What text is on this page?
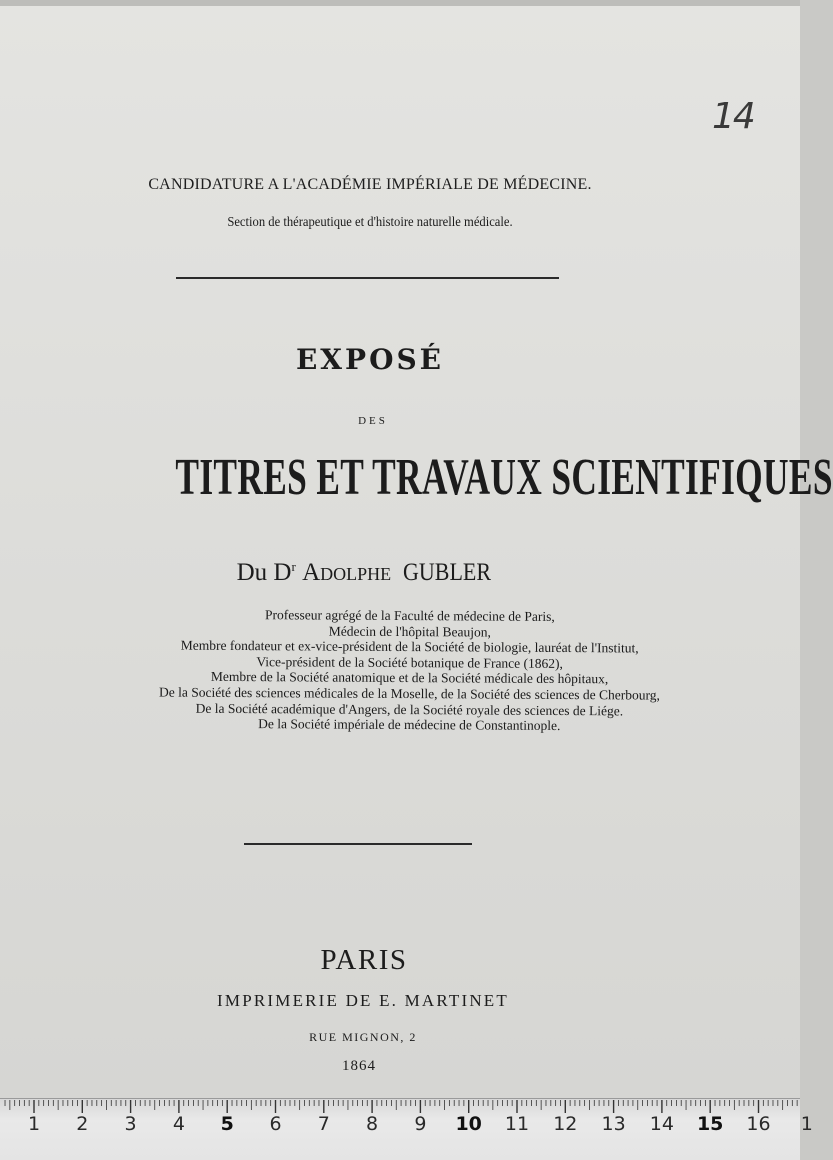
14
CANDIDATURE A L'ACADÉMIE IMPÉRIALE DE MÉDECINE.
Section de thérapeutique et d'histoire naturelle médicale.
EXPOSÉ
DES
TITRES ET TRAVAUX SCIENTIFIQUES
Du $D^r$ Adolphe GUBLER
Professeur agrégé de la Faculté de médecine de Paris,
Médecin de l'hôpital Beaujon,
Membre fondateur et ex-vice-président de la Société de biologie, lauréat de l'Institut,
Vice-président de la Société botanique de France (1862),
Membre de la Société anatomique et de la Société médicale des hôpitaux,
De la Société des sciences médicales de la Moselle, de la Société des sciences de Cherbourg,
De la Société académique d'Angers, de la Société royale des sciences de Liége.
De la Société impériale de médecine de Constantinople.
PARIS
IMPRIMERIE DE E. MARTINET
RUE MIGNON, 2
1864
1 2 3 4 5 6 7 8 9 10 11 12 13 14 15 16 1
